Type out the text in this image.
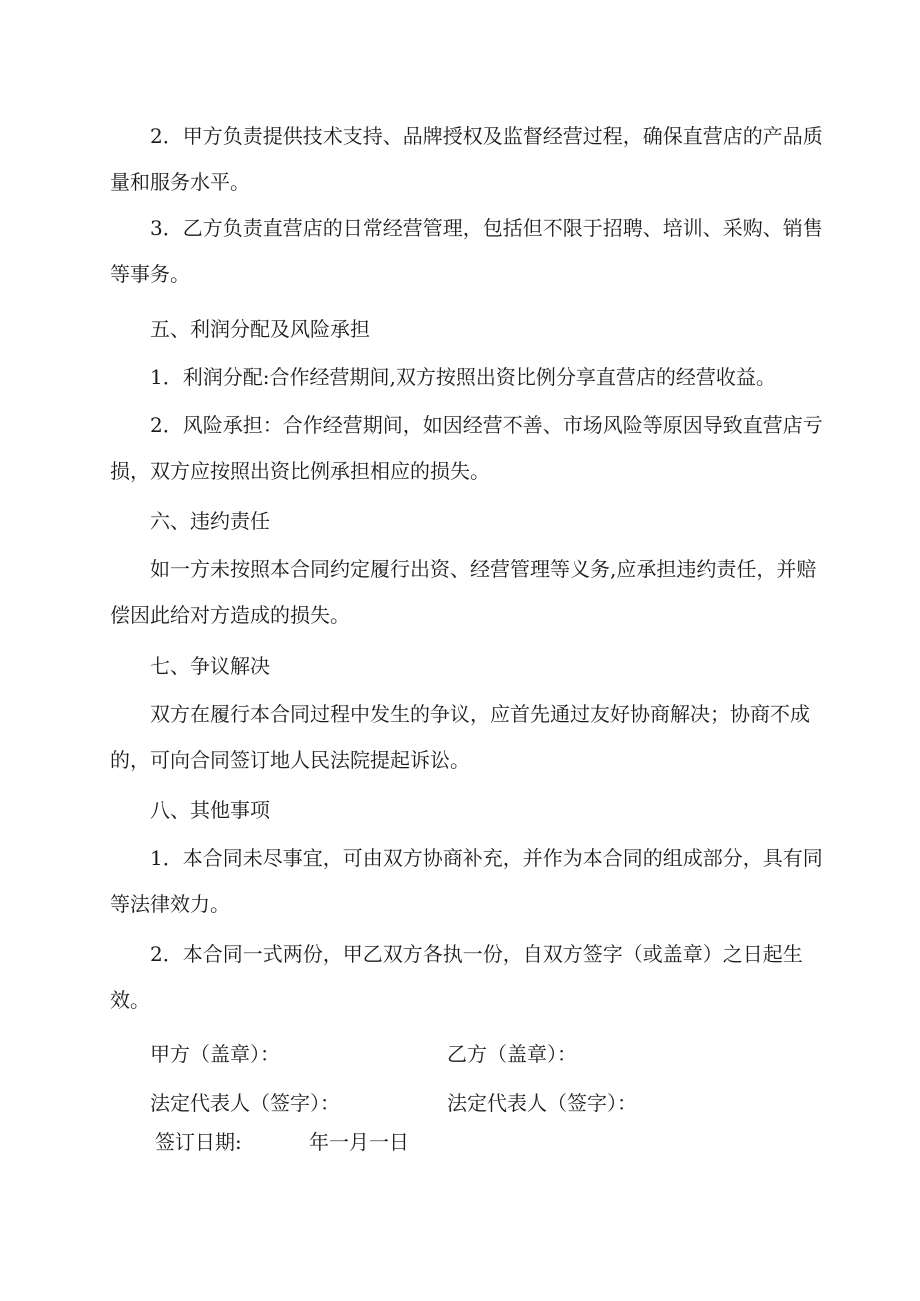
2．甲方负责提供技术支持、品牌授权及监督经营过程，确保直营店的产品质量和服务水平。

3．乙方负责直营店的日常经营管理，包括但不限于招聘、培训、采购、销售等事务。

五、利润分配及风险承担

1．利润分配:合作经营期间,双方按照出资比例分享直营店的经营收益。

2．风险承担：合作经营期间，如因经营不善、市场风险等原因导致直营店亏损，双方应按照出资比例承担相应的损失。

六、违约责任

如一方未按照本合同约定履行出资、经营管理等义务,应承担违约责任，并赔偿因此给对方造成的损失。

七、争议解决

双方在履行本合同过程中发生的争议，应首先通过友好协商解决；协商不成的，可向合同签订地人民法院提起诉讼。

八、其他事项

1．本合同未尽事宜，可由双方协商补充，并作为本合同的组成部分，具有同等法律效力。

2．本合同一式两份，甲乙双方各执一份，自双方签字（或盖章）之日起生效。

甲方（盖章）：	乙方（盖章）：
法定代表人（签字）：	法定代表人（签字）：
签订日期:	年一月一日
